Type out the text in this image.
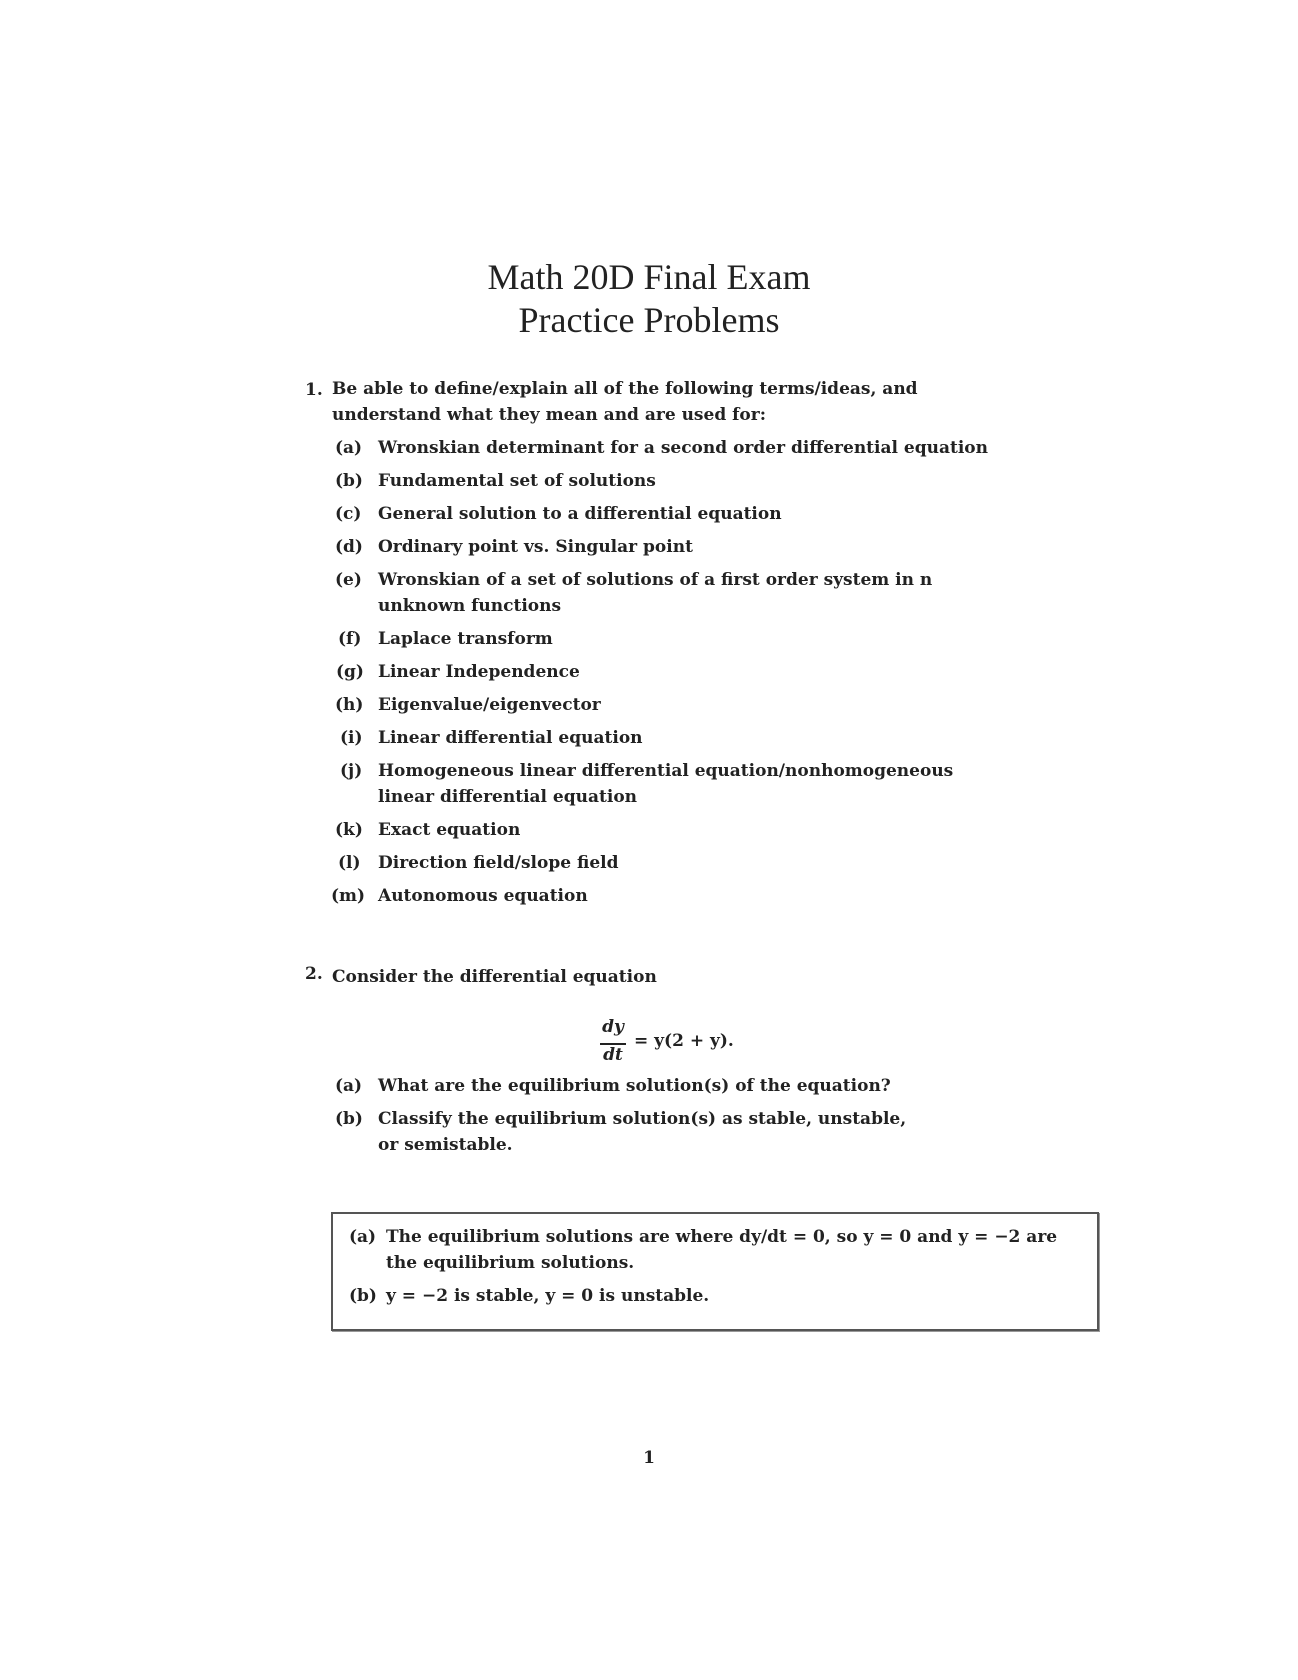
Math 20D Final Exam
Practice Problems
1. Be able to define/explain all of the following terms/ideas, and understand what they mean and are used for:
(a) Wronskian determinant for a second order differential equation
(b) Fundamental set of solutions
(c) General solution to a differential equation
(d) Ordinary point vs. Singular point
(e) Wronskian of a set of solutions of a first order system in n unknown functions
(f) Laplace transform
(g) Linear Independence
(h) Eigenvalue/eigenvector
(i) Linear differential equation
(j) Homogeneous linear differential equation/nonhomogeneous linear differential equation
(k) Exact equation
(l) Direction field/slope field
(m) Autonomous equation
2. Consider the differential equation
dy
dt
= y(2 + y).
(a) What are the equilibrium solution(s) of the equation?
(b) Classify the equilibrium solution(s) as stable, unstable, or semistable.
(a) The equilibrium solutions are where dy/dt = 0, so y = 0 and y = −2 are the equilibrium solutions.
(b) y = −2 is stable, y = 0 is unstable.
1
